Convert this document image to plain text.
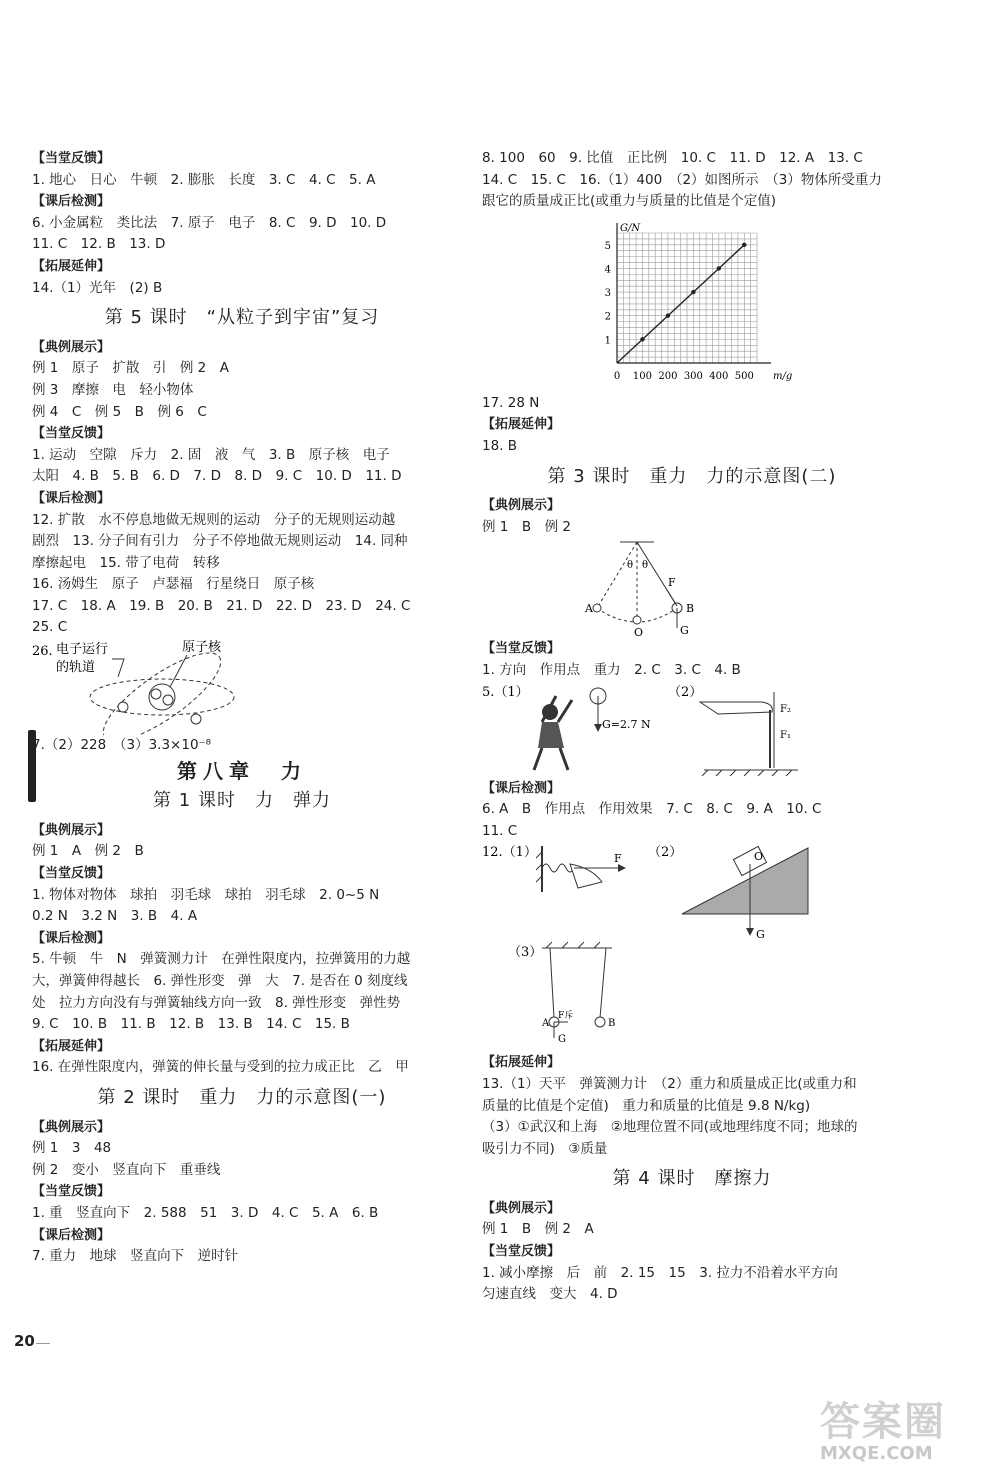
【当堂反馈】
1. 地心　日心　牛顿　2. 膨胀　长度　3. C　4. C　5. A
【课后检测】
6. 小金属粒　类比法　7. 原子　电子　8. C　9. D　10. D
11. C　12. B　13. D
【拓展延伸】
14.（1）光年　(2) B
第 5 课时　“从粒子到宇宙”复习
【典例展示】
例 1　原子　扩散　引　例 2　A
例 3　摩擦　电　轻小物体
例 4　C　例 5　B　例 6　C
【当堂反馈】
1. 运动　空隙　斥力　2. 固　液　气　3. B　原子核　电子
太阳　4. B　5. B　6. D　7. D　8. D　9. C　10. D　11. D
【课后检测】
12. 扩散　水不停息地做无规则的运动　分子的无规则运动越
剧烈　13. 分子间有引力　分子不停地做无规则运动　14. 同种
摩擦起电　15. 带了电荷　转移
16. 汤姆生　原子　卢瑟福　行星绕日　原子核
17. C　18. A　19. B　20. B　21. D　22. D　23. D　24. C
25. C
26. 电子运行
的轨道
原子核
7.（2）228　（3）3.3×10⁻⁸
第八章　力
第 1 课时　力　弹力
【典例展示】
例 1　A　例 2　B
【当堂反馈】
1. 物体对物体　球拍　羽毛球　球拍　羽毛球　2. 0~5 N
0.2 N　3.2 N　3. B　4. A
【课后检测】
5. 牛顿　牛　N　弹簧测力计　在弹性限度内，拉弹簧用的力越
大，弹簧伸得越长　6. 弹性形变　弹　大　7. 是否在 0 刻度线
处　拉力方向没有与弹簧轴线方向一致　8. 弹性形变　弹性势
9. C　10. B　11. B　12. B　13. B　14. C　15. B
【拓展延伸】
16. 在弹性限度内，弹簧的伸长量与受到的拉力成正比　乙　甲
第 2 课时　重力　力的示意图(一)
【典例展示】
例 1　3　48
例 2　变小　竖直向下　重垂线
【当堂反馈】
1. 重　竖直向下　2. 588　51　3. D　4. C　5. A　6. B
【课后检测】
7. 重力　地球　竖直向下　逆时针
8. 100　60　9. 比值　正比例　10. C　11. D　12. A　13. C
14. C　15. C　16.（1）400　（2）如图所示　（3）物体所受重力
跟它的质量成正比(或重力与质量的比值是个定值)
m/g
G/N
0 100 200 300 400 500
1
2
3
4
5
17. 28 N
【拓展延伸】
18. B
第 3 课时　重力　力的示意图(二)
【典例展示】
例 1　B　例 2
A	B
O
F
G
θ θ
【当堂反馈】
1. 方向　作用点　重力　2. C　3. C　4. B
5.（1）	（2）
G=2.7 N
F₂
F₁
【课后检测】
6. A　B　作用点　作用效果　7. C　8. C　9. A　10. C
11. C
12.（1）	（2）
F	O
G
（3）
A	B
F斥
G
【拓展延伸】
13.（1）天平　弹簧测力计　（2）重力和质量成正比(或重力和
质量的比值是个定值)　重力和质量的比值是 9.8 N/kg)
（3）①武汉和上海　②地理位置不同(或地理纬度不同；地球的
吸引力不同)　③质量
第 4 课时　摩擦力
【典例展示】
例 1　B　例 2　A
【当堂反馈】
1. 减小摩擦　后　前　2. 15　15　3. 拉力不沿着水平方向
匀速直线　变大　4. D
20
答案圈
MXQE.COM
